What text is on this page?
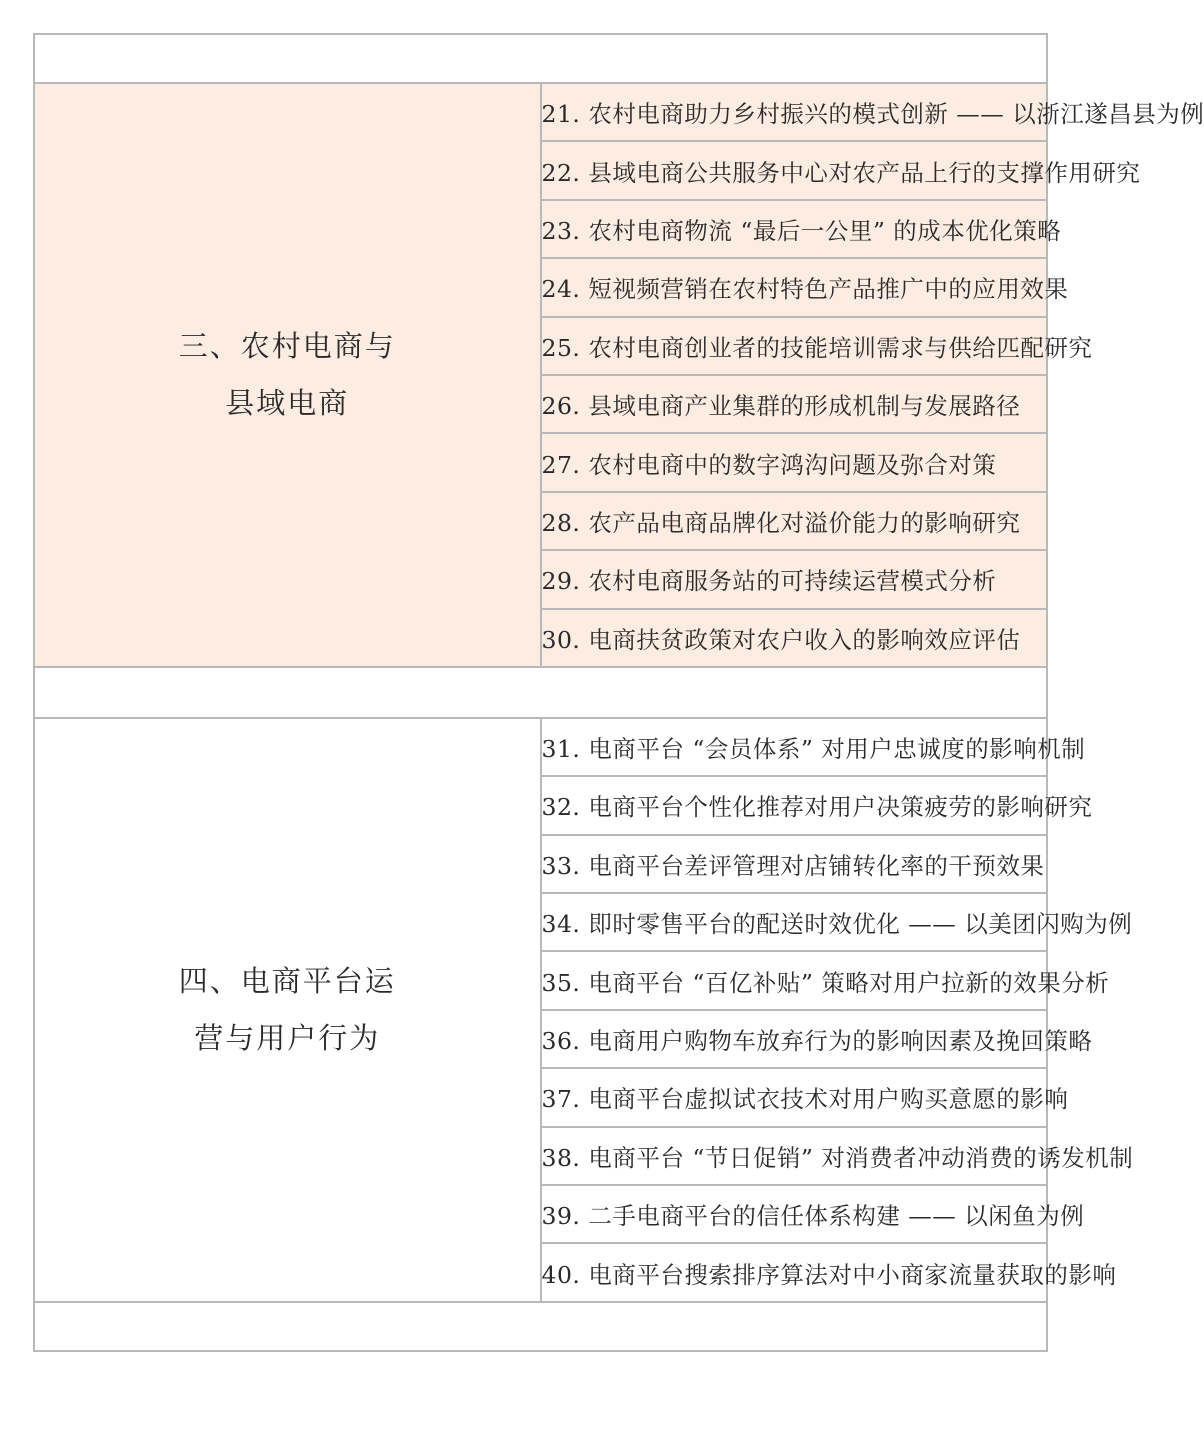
三、农村电商与
县域电商	21. 农村电商助力乡村振兴的模式创新 —— 以浙江遂昌县为例
	22. 县域电商公共服务中心对农产品上行的支撑作用研究
	23. 农村电商物流 “最后一公里” 的成本优化策略
	24. 短视频营销在农村特色产品推广中的应用效果
	25. 农村电商创业者的技能培训需求与供给匹配研究
	26. 县域电商产业集群的形成机制与发展路径
	27. 农村电商中的数字鸿沟问题及弥合对策
	28. 农产品电商品牌化对溢价能力的影响研究
	29. 农村电商服务站的可持续运营模式分析
	30. 电商扶贫政策对农户收入的影响效应评估

四、电商平台运
营与用户行为	31. 电商平台 “会员体系” 对用户忠诚度的影响机制
	32. 电商平台个性化推荐对用户决策疲劳的影响研究
	33. 电商平台差评管理对店铺转化率的干预效果
	34. 即时零售平台的配送时效优化 —— 以美团闪购为例
	35. 电商平台 “百亿补贴” 策略对用户拉新的效果分析
	36. 电商用户购物车放弃行为的影响因素及挽回策略
	37. 电商平台虚拟试衣技术对用户购买意愿的影响
	38. 电商平台 “节日促销” 对消费者冲动消费的诱发机制
	39. 二手电商平台的信任体系构建 —— 以闲鱼为例
	40. 电商平台搜索排序算法对中小商家流量获取的影响
